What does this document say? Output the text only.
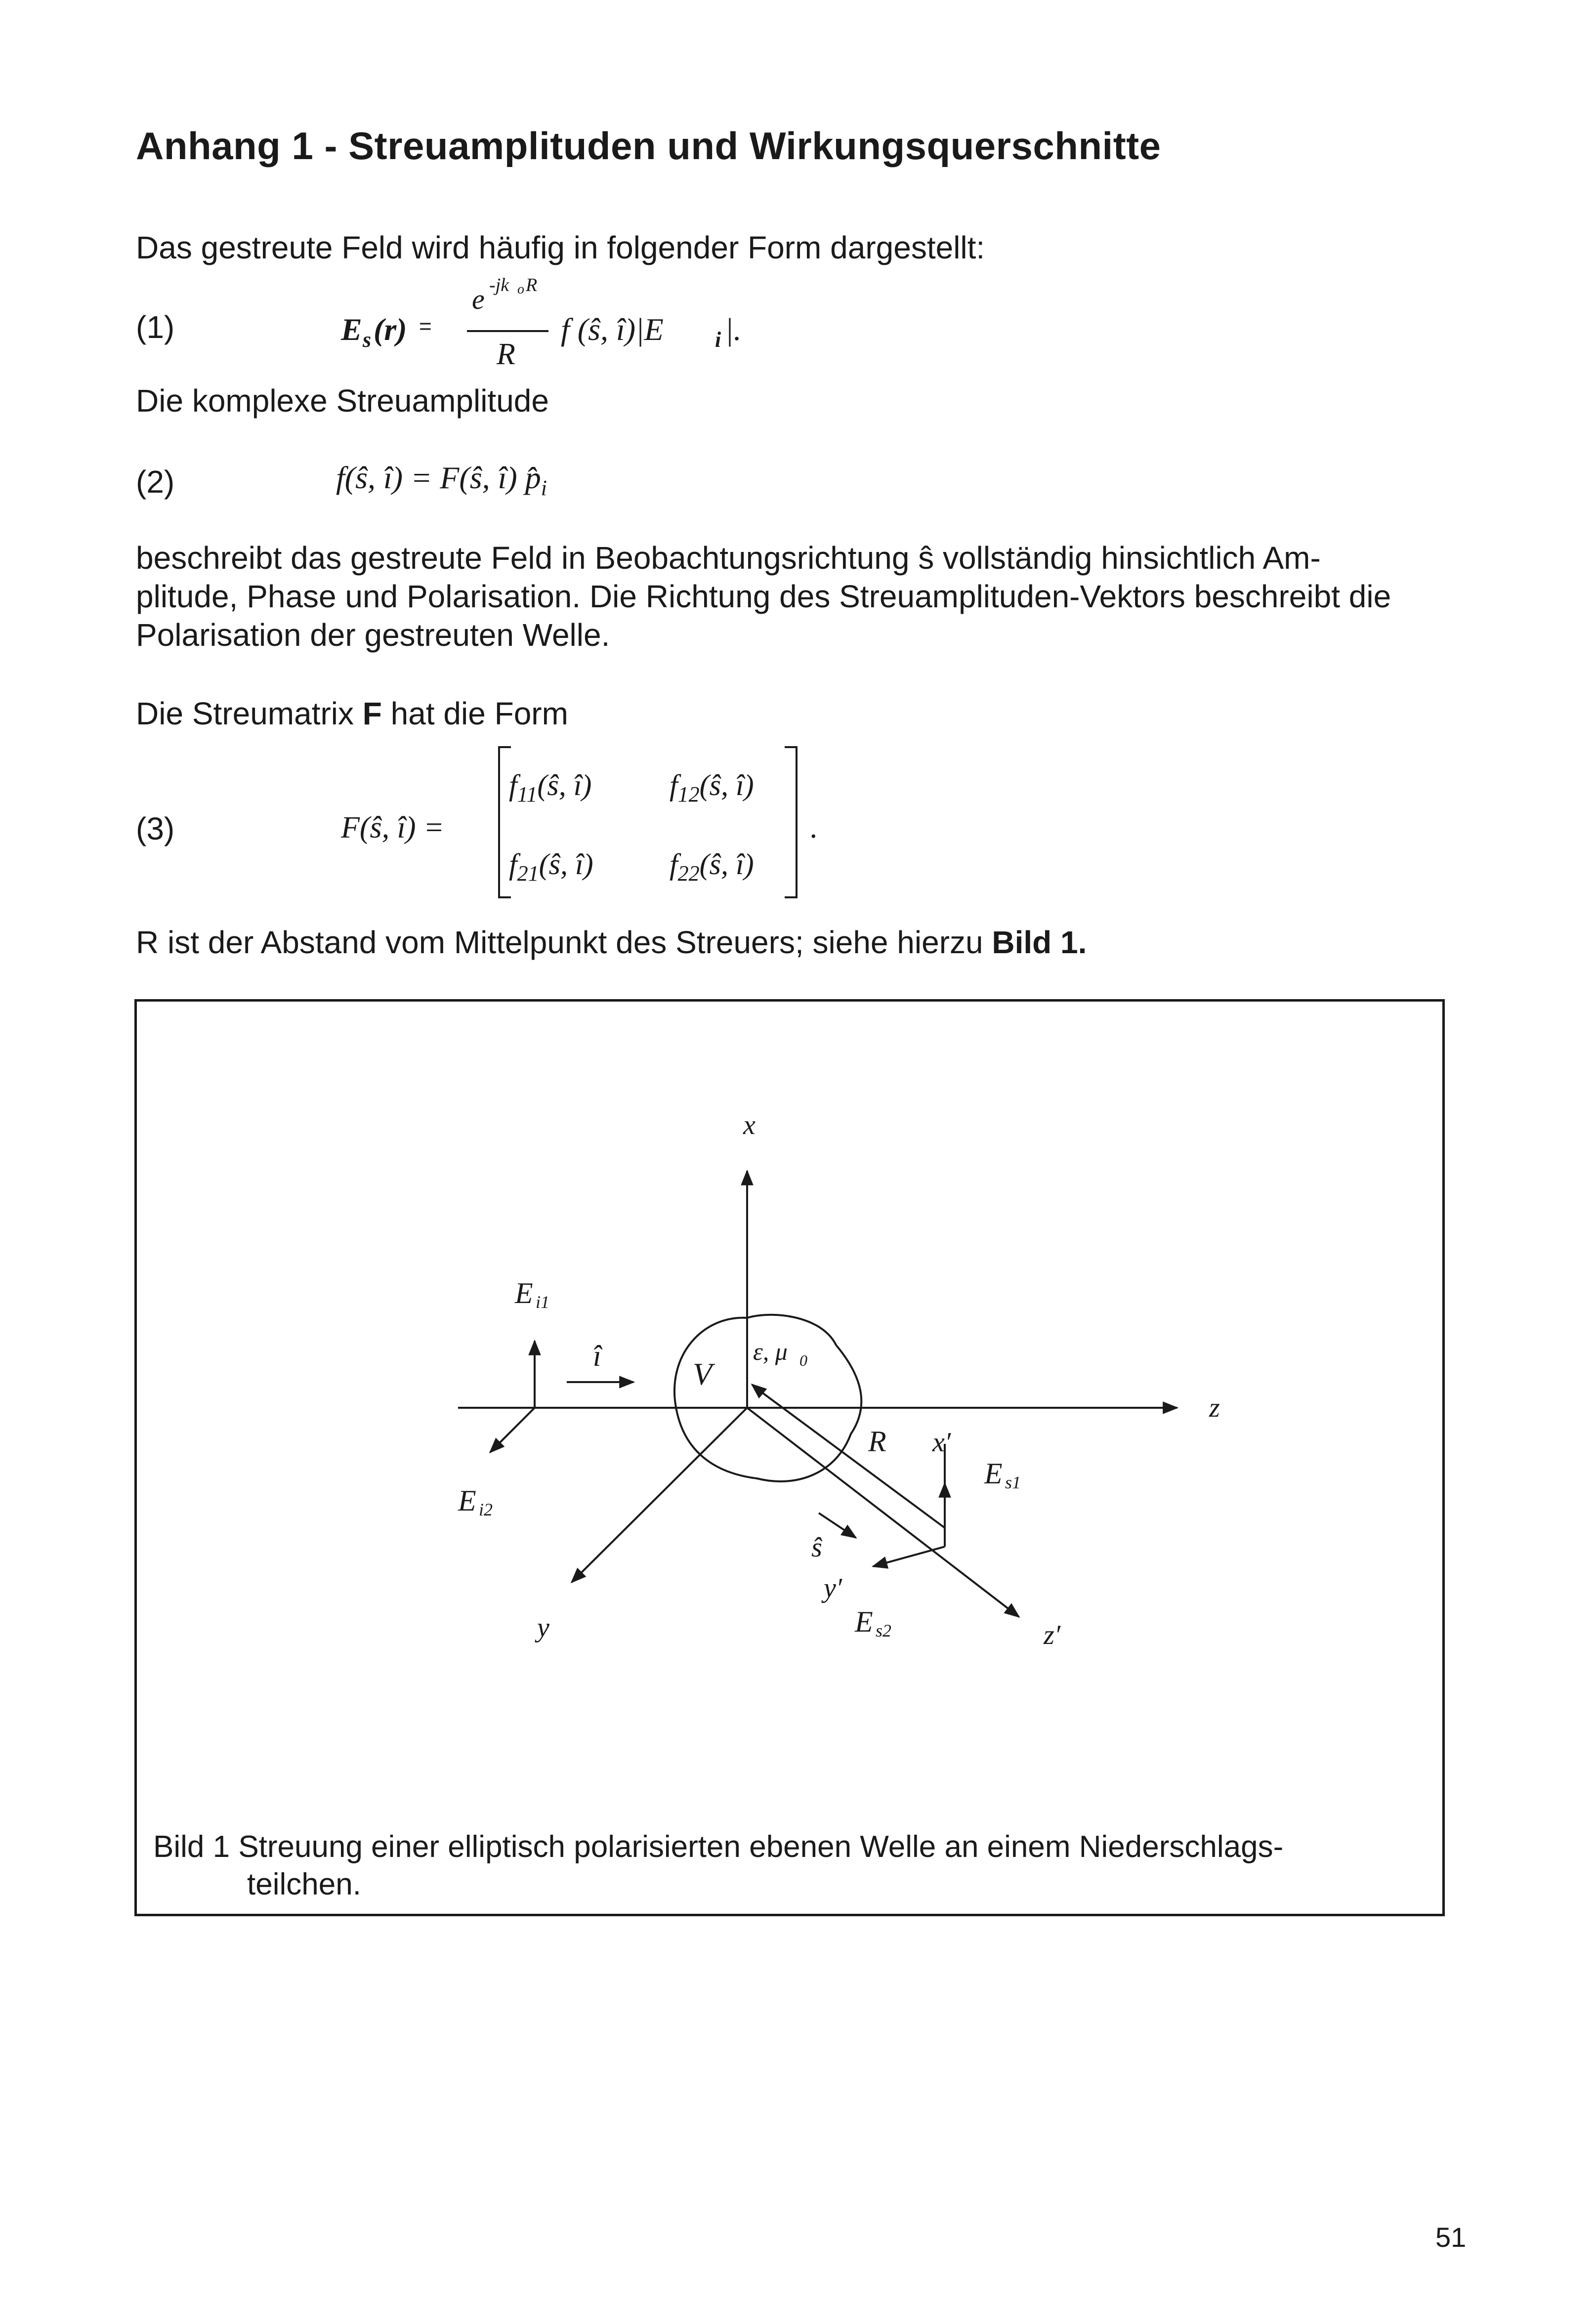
Anhang 1 - Streuamplituden und Wirkungsquerschnitte
Das gestreute Feld wird häufig in folgender Form dargestellt:
(1)	E s (r) =
e -jk o R
R
f (ŝ, î)|E i |.
Die komplexe Streuamplitude
(2)	f(ŝ, î) = F(ŝ, î) $p̂_i$
beschreibt das gestreute Feld in Beobachtungsrichtung ŝ vollständig hinsichtlich Am-
plitude, Phase und Polarisation. Die Richtung des Streuamplituden-Vektors beschreibt die
Polarisation der gestreuten Welle.
Die Streumatrix F hat die Form
(3)	F(ŝ, î) =
$f_{11}(ŝ$, î)	$f_{12}(ŝ$, î)
$f_{21}(ŝ$, î)	$f_{22}(ŝ$, î)
.
R ist der Abstand vom Mittelpunkt des Streuers; siehe hierzu Bild 1.
x
z
y
E i1
E i2
î
V
ε, μ 0
R x′
E s1
ŝ
y′
E s2	z′
Bild 1 Streuung einer elliptisch polarisierten ebenen Welle an einem Niederschlags-
teilchen.
51
